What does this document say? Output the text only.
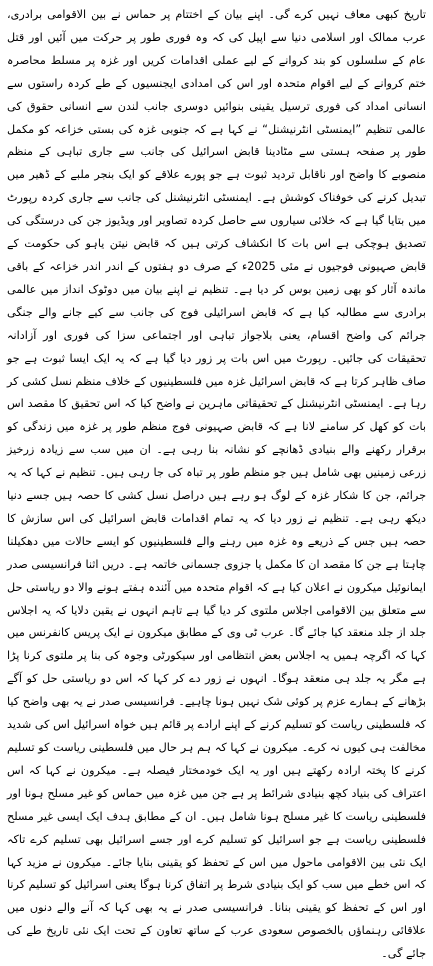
تاریخ کبھی معاف نہیں کرے گی۔ اپنے بیان کے اختتام پر حماس نے بین الاقوامی برادری، عرب ممالک اور اسلامی دنیا سے اپیل کی کہ وہ فوری طور پر حرکت میں آئیں اور قتل عام کے سلسلوں کو بند کروانے کے لیے عملی اقدامات کریں اور غزہ پر مسلط محاصرہ ختم کروانے کے لیے اقوام متحدہ اور اس کی امدادی ایجنسیوں کے طے کردہ راستوں سے انسانی امداد کی فوری ترسیل یقینی بنوائیں دوسری جانب لندن سے انسانی حقوق کی عالمی تنظیم ”ایمنسٹی انٹرنیشنل“ نے کہا ہے کہ جنوبی غزہ کی بستی خزاعہ کو مکمل طور پر صفحہ ہستی سے مٹادینا قابض اسرائیل کی جانب سے جاری تباہی کے منظم منصوبے کا واضح اور ناقابل تردید ثبوت ہے جو پورے علاقے کو ایک بنجر ملبے کے ڈھیر میں تبدیل کرنے کی خوفناک کوشش ہے۔ ایمنسٹی انٹرنیشنل کی جانب سے جاری کردہ رپورٹ میں بتایا گیا ہے کہ خلائی سیاروں سے حاصل کردہ تصاویر اور ویڈیوز جن کی درستگی کی تصدیق ہوچکی ہے اس بات کا انکشاف کرتی ہیں کہ قابض نیتن یاہو کی حکومت کے قابض صہیونی فوجیوں نے مئی 2025ء کے صرف دو ہفتوں کے اندر اندر خزاعہ کے باقی ماندہ آثار کو بھی زمین بوس کر دیا ہے۔ تنظیم نے اپنے بیان میں دوٹوک انداز میں عالمی برادری سے مطالبہ کیا ہے کہ قابض اسرائیلی فوج کی جانب سے کیے جانے والے جنگی جرائم کی واضح اقسام، یعنی بلاجواز تباہی اور اجتماعی سزا کی فوری اور آزادانہ تحقیقات کی جائیں۔ رپورٹ میں اس بات پر زور دیا گیا ہے کہ یہ ایک ایسا ثبوت ہے جو صاف ظاہر کرتا ہے کہ قابض اسرائیل غزہ میں فلسطینیوں کے خلاف منظم نسل کشی کر رہا ہے۔ ایمنسٹی انٹرنیشنل کے تحقیقاتی ماہرین نے واضح کیا کہ اس تحقیق کا مقصد اس بات کو کھل کر سامنے لانا ہے کہ قابض صہیونی فوج منظم طور پر غزہ میں زندگی کو برقرار رکھنے والے بنیادی ڈھانچے کو نشانہ بنا رہی ہے۔ ان میں سب سے زیادہ زرخیز زرعی زمینیں بھی شامل ہیں جو منظم طور پر تباہ کی جا رہی ہیں۔ تنظیم نے کہا کہ یہ جرائم، جن کا شکار غزہ کے لوگ ہو رہے ہیں دراصل نسل کشی کا حصہ ہیں جسے دنیا دیکھ رہی ہے۔ تنظیم نے زور دیا کہ یہ تمام اقدامات قابض اسرائیل کی اس سازش کا حصہ ہیں جس کے ذریعے وہ غزہ میں رہنے والے فلسطینیوں کو ایسے حالات میں دھکیلنا چاہتا ہے جن کا مقصد ان کا مکمل یا جزوی جسمانی خاتمہ ہے۔ دریں اثنا فرانسیسی صدر ایمانوئیل میکرون نے اعلان کیا ہے کہ اقوام متحدہ میں آئندہ ہفتے ہونے والا دو ریاستی حل سے متعلق بین الاقوامی اجلاس ملتوی کر دیا گیا ہے تاہم انہوں نے یقین دلایا کہ یہ اجلاس جلد از جلد منعقد کیا جائے گا۔ عرب ٹی وی کے مطابق میکرون نے ایک پریس کانفرنس میں کہا کہ اگرچہ ہمیں یہ اجلاس بعض انتظامی اور سیکورٹی وجوہ کی بنا پر ملتوی کرنا پڑا ہے مگر یہ جلد ہی منعقد ہوگا۔ انہوں نے زور دے کر کہا کہ اس دو ریاستی حل کو آگے بڑھانے کے ہمارے عزم پر کوئی شک نہیں ہونا چاہیے۔ فرانسیسی صدر نے یہ بھی واضح کیا کہ فلسطینی ریاست کو تسلیم کرنے کے اپنے ارادے پر قائم ہیں خواہ اسرائیل اس کی شدید مخالفت ہی کیوں نہ کرے۔ میکرون نے کہا کہ ہم ہر حال میں فلسطینی ریاست کو تسلیم کرنے کا پختہ ارادہ رکھتے ہیں اور یہ ایک خودمختار فیصلہ ہے۔ میکرون نے کہا کہ اس اعتراف کی بنیاد کچھ بنیادی شرائط پر ہے جن میں غزہ میں حماس کو غیر مسلح ہونا اور فلسطینی ریاست کا غیر مسلح ہونا شامل ہیں۔ ان کے مطابق ہدف ایک ایسی غیر مسلح فلسطینی ریاست ہے جو اسرائیل کو تسلیم کرے اور جسے اسرائیل بھی تسلیم کرے تاکہ ایک نئی بین الاقوامی ماحول میں اس کے تحفظ کو یقینی بنایا جائے۔ میکرون نے مزید کہا کہ اس خطے میں سب کو ایک بنیادی شرط پر اتفاق کرنا ہوگا یعنی اسرائیل کو تسلیم کرنا اور اس کے تحفظ کو یقینی بنانا۔ فرانسیسی صدر نے یہ بھی کہا کہ آنے والے دنوں میں علاقائی رہنماؤں بالخصوص سعودی عرب کے ساتھ تعاون کے تحت ایک نئی تاریخ طے کی جائے گی۔
